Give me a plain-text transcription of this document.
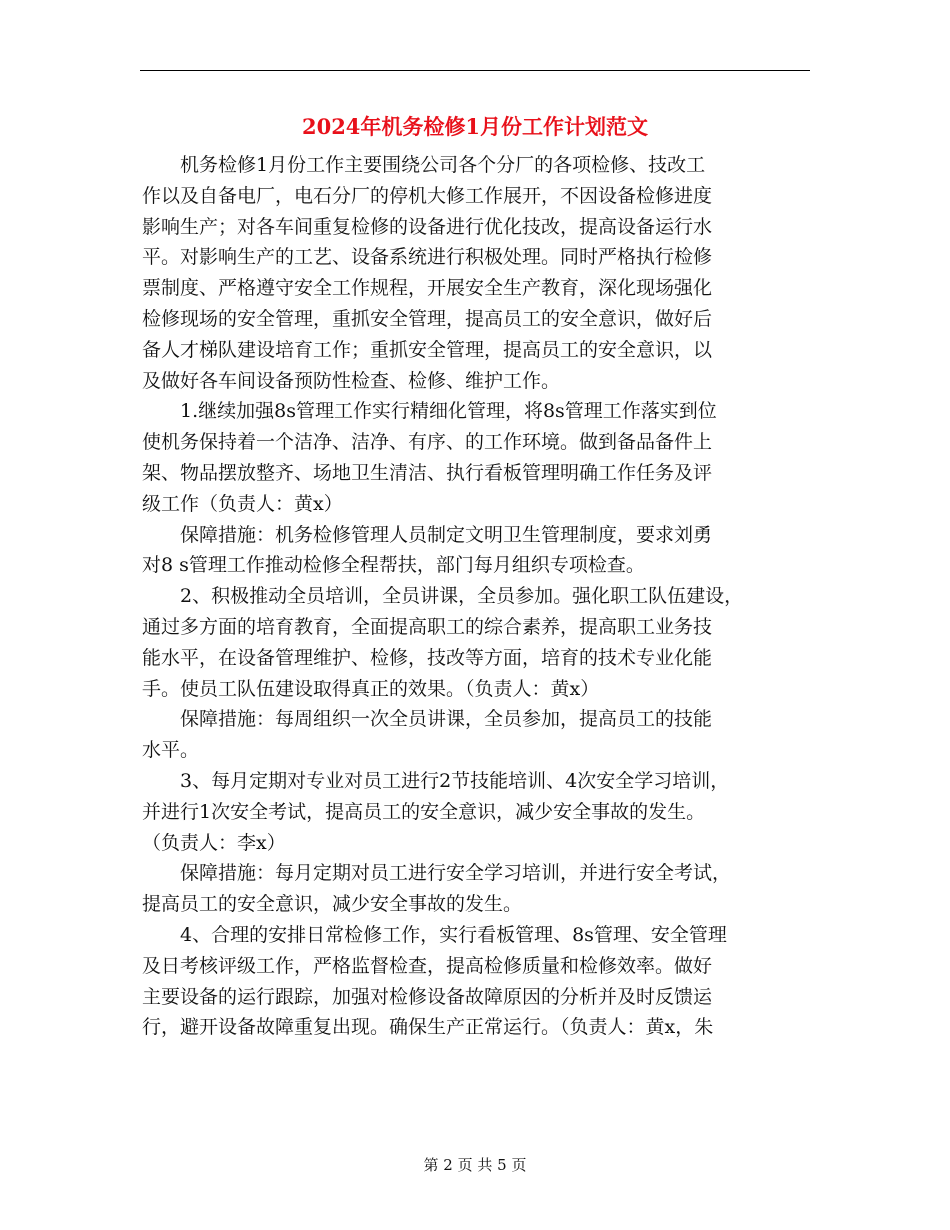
2024年机务检修1月份工作计划范文
机务检修1月份工作主要围绕公司各个分厂的各项检修、技改工
作以及自备电厂，电石分厂的停机大修工作展开，不因设备检修进度
影响生产；对各车间重复检修的设备进行优化技改，提高设备运行水
平。对影响生产的工艺、设备系统进行积极处理。同时严格执行检修
票制度、严格遵守安全工作规程，开展安全生产教育，深化现场强化
检修现场的安全管理，重抓安全管理，提高员工的安全意识，做好后
备人才梯队建设培育工作；重抓安全管理，提高员工的安全意识，以
及做好各车间设备预防性检查、检修、维护工作。
1.继续加强8s管理工作实行精细化管理，将8s管理工作落实到位
使机务保持着一个洁净、洁净、有序、的工作环境。做到备品备件上
架、物品摆放整齐、场地卫生清洁、执行看板管理明确工作任务及评
级工作（负责人：黄x）
保障措施：机务检修管理人员制定文明卫生管理制度，要求刘勇
对8 s管理工作推动检修全程帮扶，部门每月组织专项检查。
2、积极推动全员培训，全员讲课，全员参加。强化职工队伍建设，
通过多方面的培育教育，全面提高职工的综合素养，提高职工业务技
能水平，在设备管理维护、检修，技改等方面，培育的技术专业化能
手。使员工队伍建设取得真正的效果。（负责人：黄x）
保障措施：每周组织一次全员讲课，全员参加，提高员工的技能
水平。
3、每月定期对专业对员工进行2节技能培训、4次安全学习培训，
并进行1次安全考试，提高员工的安全意识，减少安全事故的发生。
（负责人：李x）
保障措施：每月定期对员工进行安全学习培训，并进行安全考试，
提高员工的安全意识，减少安全事故的发生。
4、合理的安排日常检修工作，实行看板管理、8s管理、安全管理
及日考核评级工作，严格监督检查，提高检修质量和检修效率。做好
主要设备的运行跟踪，加强对检修设备故障原因的分析并及时反馈运
行，避开设备故障重复出现。确保生产正常运行。（负责人：黄x，朱
第 2 页 共 5 页
